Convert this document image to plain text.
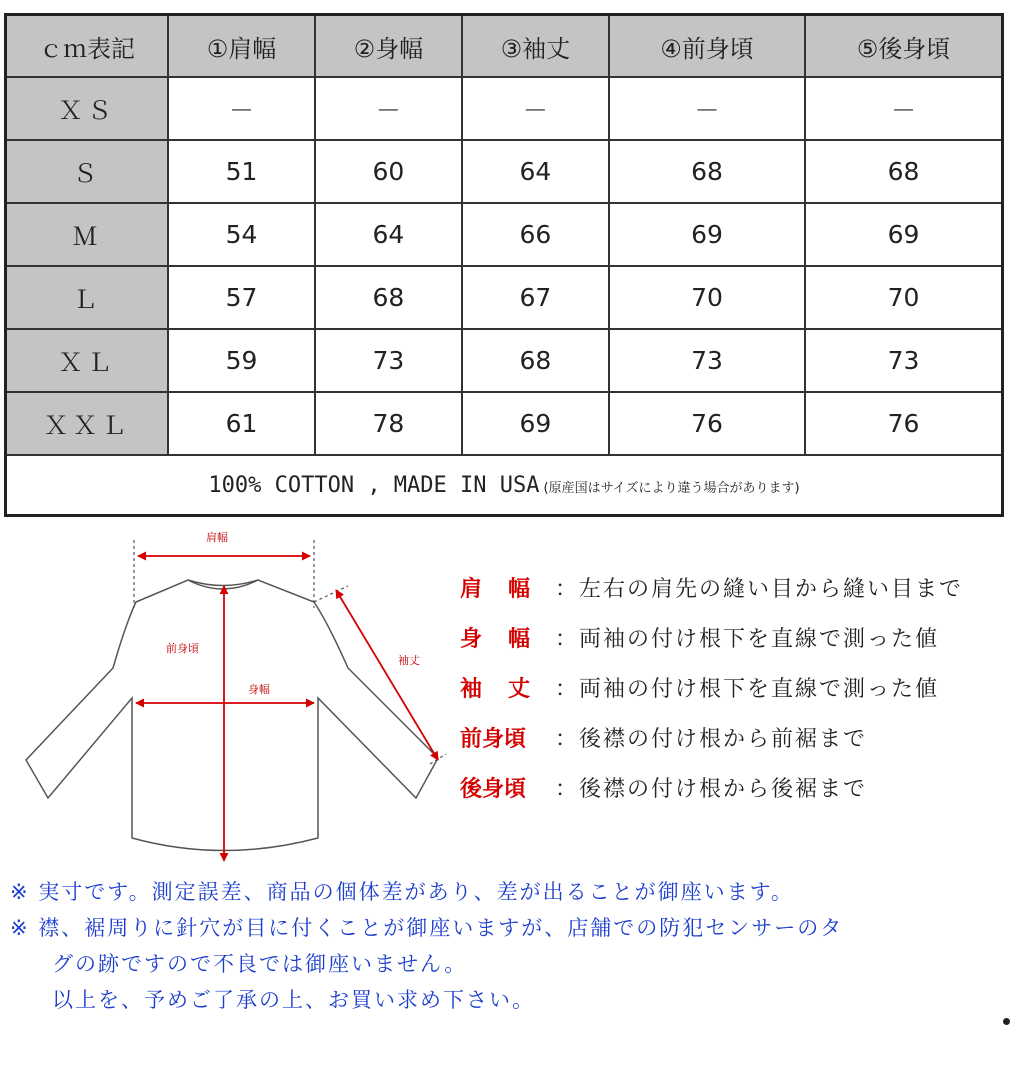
ｃｍ表記	①肩幅	②身幅	③袖丈	④前身頃	⑤後身頃
ＸＳ	－	－	－	－	－
Ｓ	51	60	64	68	68
Ｍ	54	64	66	69	69
Ｌ	57	68	67	70	70
ＸＬ	59	73	68	73	73
ＸＸＬ	61	78	69	76	76
100% COTTON , MADE IN USA (原産国はサイズにより違う場合があります)					
肩幅
前身頃
身幅
袖丈
肩幅
：左右の肩先の縫い目から縫い目まで
身幅
：両袖の付け根下を直線で測った値
袖丈
：両袖の付け根下を直線で測った値
前身頃	：後襟の付け根から前裾まで
後身頃	：後襟の付け根から後裾まで
※ 実寸です。測定誤差、商品の個体差があり、差が出ることが御座います。
※ 襟、裾周りに針穴が目に付くことが御座いますが、店舗での防犯センサーのタ
グの跡ですので不良では御座いません。
以上を、予めご了承の上、お買い求め下さい。
